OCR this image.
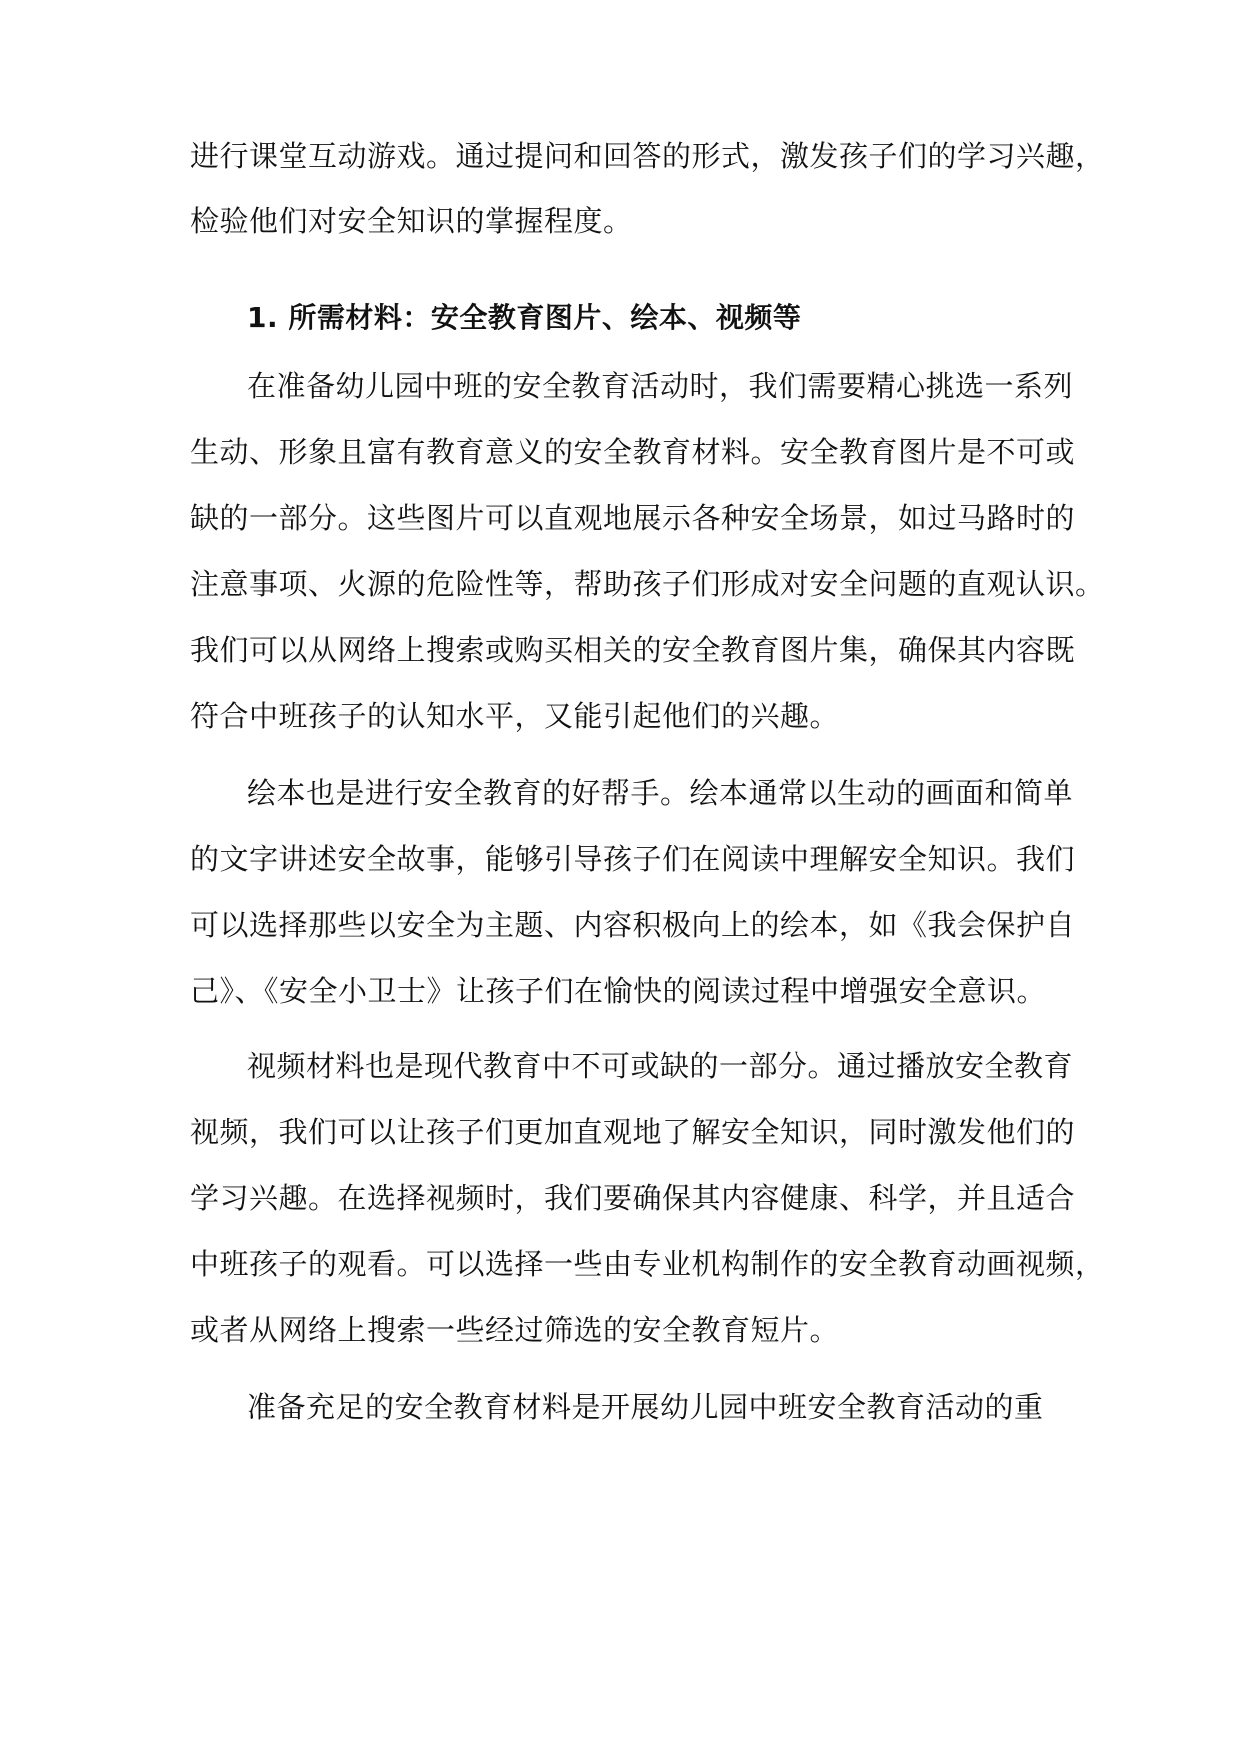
进行课堂互动游戏。通过提问和回答的形式，激发孩子们的学习兴趣，
检验他们对安全知识的掌握程度。
1. 所需材料：安全教育图片、绘本、视频等
在准备幼儿园中班的安全教育活动时，我们需要精心挑选一系列
生动、形象且富有教育意义的安全教育材料。安全教育图片是不可或
缺的一部分。这些图片可以直观地展示各种安全场景，如过马路时的
注意事项、火源的危险性等，帮助孩子们形成对安全问题的直观认识。
我们可以从网络上搜索或购买相关的安全教育图片集，确保其内容既
符合中班孩子的认知水平，又能引起他们的兴趣。
绘本也是进行安全教育的好帮手。绘本通常以生动的画面和简单
的文字讲述安全故事，能够引导孩子们在阅读中理解安全知识。我们
可以选择那些以安全为主题、内容积极向上的绘本，如《我会保护自
己》、《安全小卫士》让孩子们在愉快的阅读过程中增强安全意识。
视频材料也是现代教育中不可或缺的一部分。通过播放安全教育
视频，我们可以让孩子们更加直观地了解安全知识，同时激发他们的
学习兴趣。在选择视频时，我们要确保其内容健康、科学，并且适合
中班孩子的观看。可以选择一些由专业机构制作的安全教育动画视频，
或者从网络上搜索一些经过筛选的安全教育短片。
准备充足的安全教育材料是开展幼儿园中班安全教育活动的重
